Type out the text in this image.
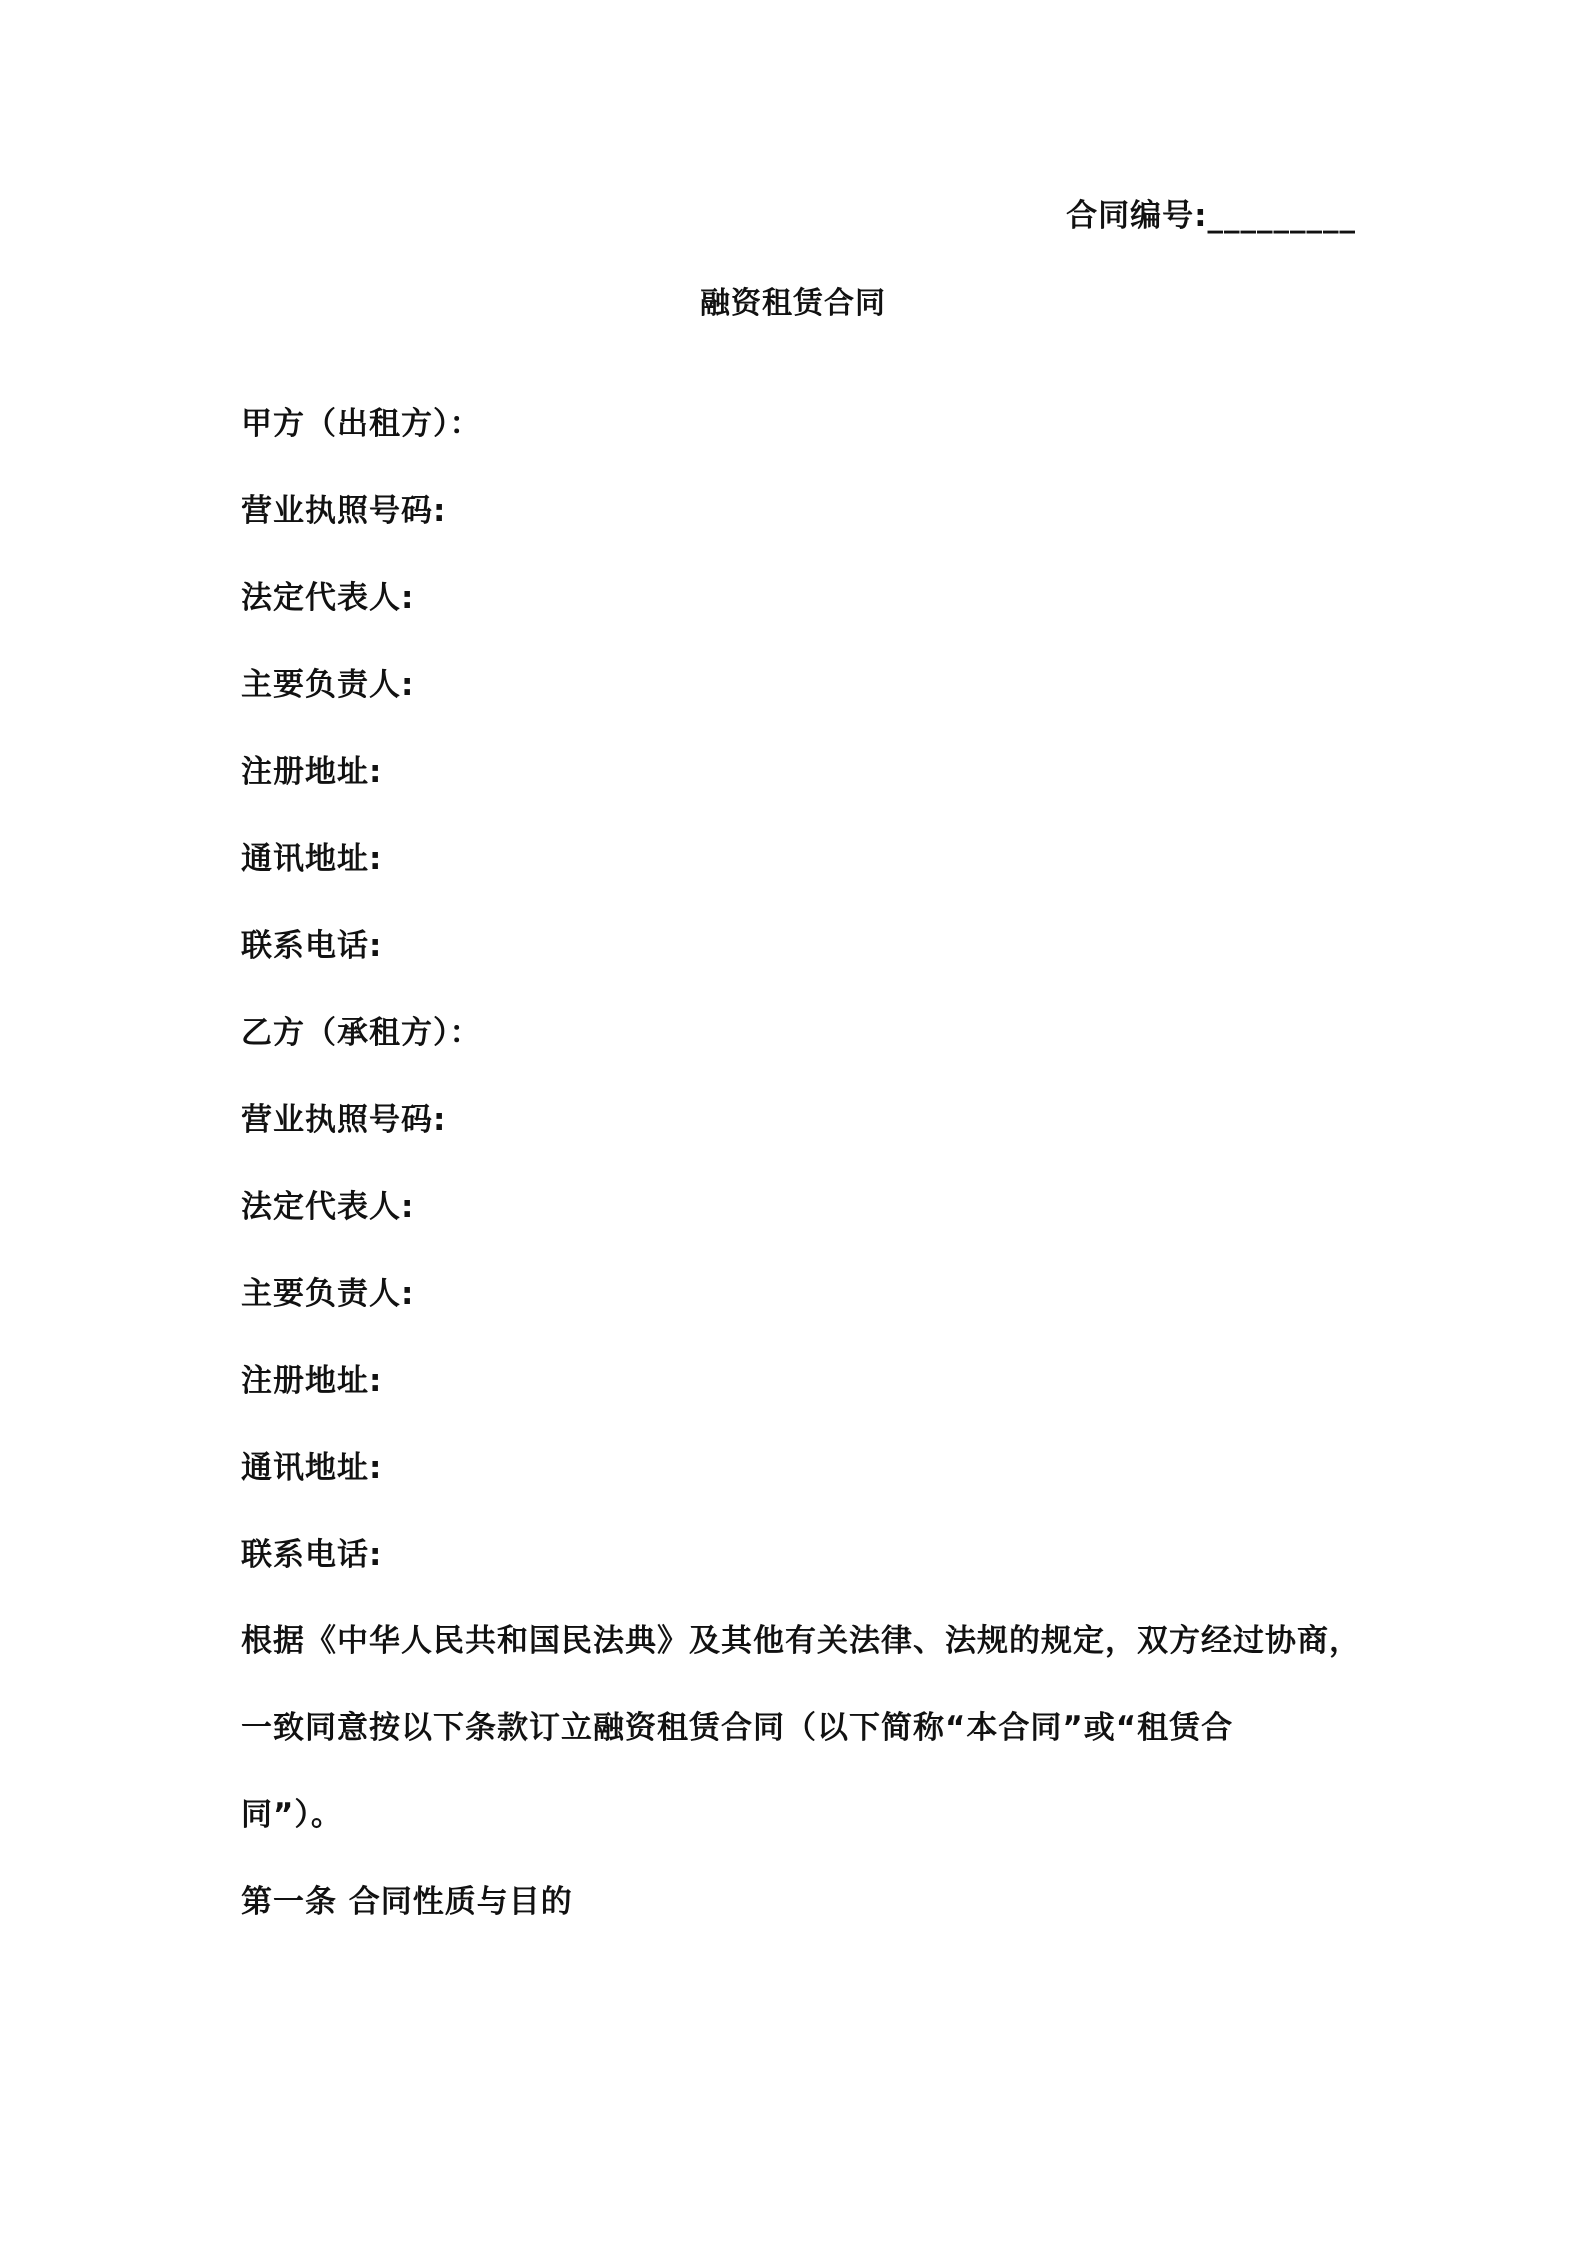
合同编号:_________
融资租赁合同
甲方（出租方）：
营业执照号码:
法定代表人:
主要负责人:
注册地址:
通讯地址:
联系电话:
乙方（承租方）：
营业执照号码:
法定代表人:
主要负责人:
注册地址:
通讯地址:
联系电话:
根据《中华人民共和国民法典》及其他有关法律、法规的规定，双方经过协商，
一致同意按以下条款订立融资租赁合同（以下简称“本合同”或“租赁合
同”）。
第一条 合同性质与目的
